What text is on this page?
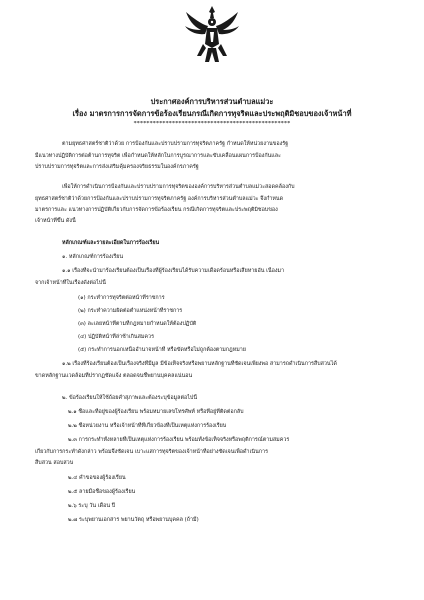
ประกาศองค์การบริหารส่วนตำบลแม่วะ
เรื่อง มาตรการการจัดการข้อร้องเรียนกรณีเกิดการทุจริตและประพฤติมิชอบของเจ้าหน้าที่
*************************************************
ตามยุทธศาสตร์ชาติว่าด้วย การป้องกันและปราบปรามการทุจริตภาครัฐ กำหนดให้หน่วยงานของรัฐ
มีแนวทางปฏิบัติการต่อต้านการทุจริต เพื่อกำหนดให้หลักในการบูรณาการและขับเคลื่อนแผนการป้องกันและ
ปราบปรามการทุจริตและการส่งเสริมคุ้มครองจริยธรรมในองค์กรภาครัฐ
เพื่อให้การดำเนินการป้องกันและปราบปรามการทุจริตขององค์การบริหารส่วนตำบลแม่วะสอดคล้องกับ
ยุทธศาสตร์ชาติว่าด้วยการป้องกันและปราบปรามการทุจริตภาครัฐ องค์การบริหารส่วนตำบลแม่วะ จึงกำหนด
มาตรการและ แนวทางการปฏิบัติเกี่ยวกับการจัดการข้อร้องเรียน กรณีเกิดการทุจริตและประพฤติมิชอบของ
เจ้าหน้าที่ขึ้น ดังนี้
หลักเกณฑ์และรายละเอียดในการร้องเรียน
๑. หลักเกณฑ์การร้องเรียน
๑.๑ เรื่องที่จะนำมาร้องเรียนต้องเป็นเรื่องที่ผู้ร้องเรียนได้รับความเดือดร้อนหรือเสียหายอัน เนื่องมา
จากเจ้าหน้าที่ในเรื่องดังต่อไปนี้
(๑) กระทำการทุจริตต่อหน้าที่ราชการ
(๒) กระทำความผิดต่อตำแหน่งหน้าที่ราชการ
(๓) ละเลยหน้าที่ตามที่กฎหมายกำหนดให้ต้องปฏิบัติ
(๔) ปฏิบัติหน้าที่ล่าช้าเกินสมควร
(๕) กระทำการนอกเหนืออำนาจหน้าที่ หรือขัดหรือไม่ถูกต้องตามกฎหมาย
๑.๒ เรื่องที่ร้องเรียนต้องเป็นเรื่องจริงที่มีมูล มีข้อเท็จจริงหรือพยานหลักฐานที่ชัดเจนเพียงพอ สามารถดำเนินการสืบสวนได้
ขาดหลักฐานแวดล้อมที่ปรากฏชัดแจ้ง ตลอดจนชี้พยานบุคคลแน่นอน
๒. ข้อร้องเรียนให้ใช้ถ้อยคำสุภาพและต้องระบุข้อมูลต่อไปนี้
๒.๑ ชื่อและที่อยู่ของผู้ร้องเรียน พร้อมหมายเลขโทรศัพท์ หรือที่อยู่ที่ติดต่อกลับ
๒.๒ ชื่อหน่วยงาน หรือเจ้าหน้าที่ที่เกี่ยวข้องที่เป็นเหตุแห่งการร้องเรียน
๒.๓ การกระทำทั้งหลายที่เป็นเหตุแห่งการร้องเรียน พร้อมทั้งข้อเท็จจริงหรือพฤติการณ์ตามสมควร
เกี่ยวกับการกระทำดังกล่าว พร้อมจึงชัดเจน เบาะแสการทุจริตของเจ้าหน้าที่อย่างชัดเจนเพื่อดำเนินการ
สืบสวน สอบสวน
๒.๔ คำขอของผู้ร้องเรียน
๒.๕ ลายมือชื่อของผู้ร้องเรียน
๒.๖ ระบุ วัน เดือน ปี
๒.๗ ระบุพยานเอกสาร พยานวัตถุ หรือพยานบุคคล (ถ้ามี)
